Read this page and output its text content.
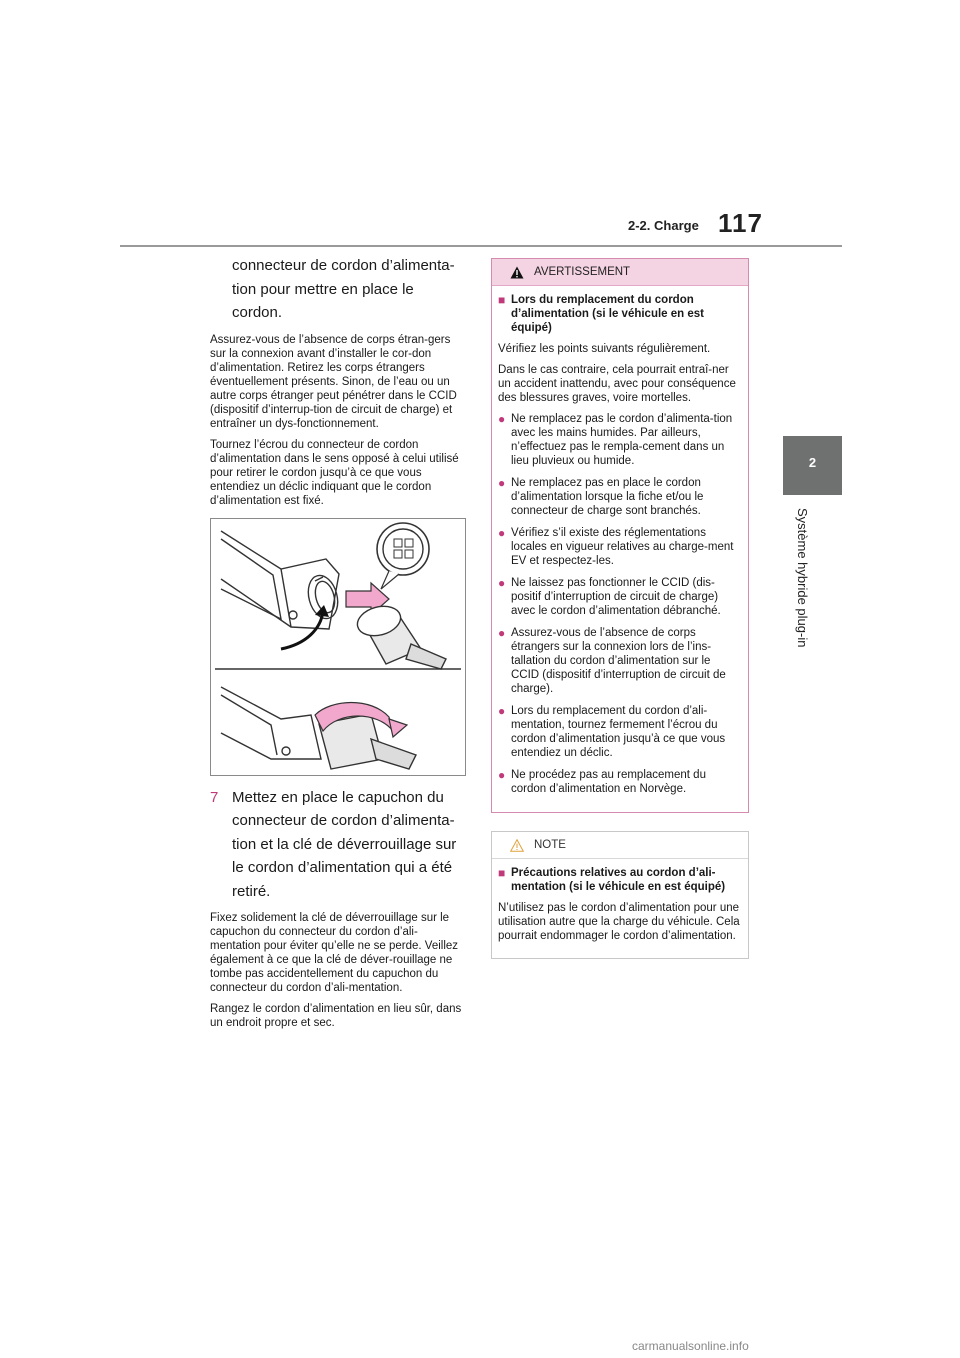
2-2. Charge 117
2
Système hybride plug-in

connecteur de cordon d’alimenta-tion pour mettre en place le cordon.

Assurez-vous de l’absence de corps étran-gers sur la connexion avant d’installer le cor-don d’alimentation. Retirez les corps étrangers éventuellement présents. Sinon, de l’eau ou un autre corps étranger peut pénétrer dans le CCID (dispositif d’interrup-tion de circuit de charge) et entraîner un dys-fonctionnement.

Tournez l’écrou du connecteur de cordon d’alimentation dans le sens opposé à celui utilisé pour retirer le cordon jusqu’à ce que vous entendiez un déclic indiquant que le cordon d’alimentation est fixé.

7 Mettez en place le capuchon du connecteur de cordon d’alimenta-tion et la clé de déverrouillage sur le cordon d’alimentation qui a été retiré.

Fixez solidement la clé de déverrouillage sur le capuchon du connecteur du cordon d’ali-mentation pour éviter qu’elle ne se perde. Veillez également à ce que la clé de déver-rouillage ne tombe pas accidentellement du capuchon du connecteur du cordon d’ali-mentation.

Rangez le cordon d’alimentation en lieu sûr, dans un endroit propre et sec.

AVERTISSEMENT
■ Lors du remplacement du cordon d’alimentation (si le véhicule en est équipé)

Vérifiez les points suivants régulièrement.

Dans le cas contraire, cela pourrait entraî-ner un accident inattendu, avec pour conséquence des blessures graves, voire mortelles.

● Ne remplacez pas le cordon d’alimenta-tion avec les mains humides. Par ailleurs, n’effectuez pas le rempla-cement dans un lieu pluvieux ou humide.
● Ne remplacez pas en place le cordon d’alimentation lorsque la fiche et/ou le connecteur de charge sont branchés.
● Vérifiez s’il existe des réglementations locales en vigueur relatives au charge-ment EV et respectez-les.
● Ne laissez pas fonctionner le CCID (dis-positif d’interruption de circuit de charge) avec le cordon d’alimentation débranché.
● Assurez-vous de l’absence de corps étrangers sur la connexion lors de l’ins-tallation du cordon d’alimentation sur le CCID (dispositif d’interruption de circuit de charge).
● Lors du remplacement du cordon d’ali-mentation, tournez fermement l’écrou du cordon d’alimentation jusqu’à ce que vous entendiez un déclic.
● Ne procédez pas au remplacement du cordon d’alimentation en Norvège.
NOTE
■ Précautions relatives au cordon d’ali-mentation (si le véhicule en est équipé)

N’utilisez pas le cordon d’alimentation pour une utilisation autre que la charge du véhicule. Cela pourrait endommager le cordon d’alimentation.

carmanualsonline.info
